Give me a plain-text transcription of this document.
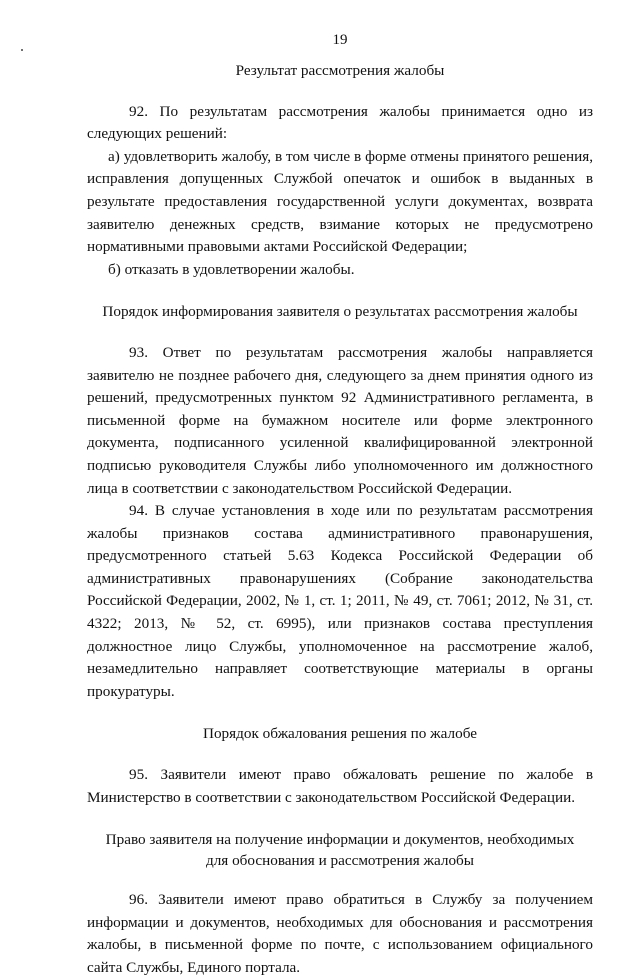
19
Результат рассмотрения жалобы

92. По результатам рассмотрения жалобы принимается одно из следующих решений:

а) удовлетворить жалобу, в том числе в форме отмены принятого решения, исправления допущенных Службой опечаток и ошибок в выданных в результате предоставления государственной услуги документах, возврата заявителю денежных средств, взимание которых не предусмотрено нормативными правовыми актами Российской Федерации;

б) отказать в удовлетворении жалобы.

Порядок информирования заявителя о результатах рассмотрения жалобы

93. Ответ по результатам рассмотрения жалобы направляется заявителю не позднее рабочего дня, следующего за днем принятия одного из решений, предусмотренных пунктом 92 Административного регламента, в письменной форме на бумажном носителе или форме электронного документа, подписанного усиленной квалифицированной электронной подписью руководителя Службы либо уполномоченного им должностного лица в соответствии с законодательством Российской Федерации.

94. В случае установления в ходе или по результатам рассмотрения жалобы признаков состава административного правонарушения, предусмотренного статьей 5.63 Кодекса Российской Федерации об административных правонарушениях (Собрание законодательства Российской Федерации, 2002, № 1, ст. 1; 2011, № 49, ст. 7061; 2012, № 31, ст. 4322; 2013, № 52, ст. 6995), или признаков состава преступления должностное лицо Службы, уполномоченное на рассмотрение жалоб, незамедлительно направляет соответствующие материалы в органы прокуратуры.

Порядок обжалования решения по жалобе

95. Заявители имеют право обжаловать решение по жалобе в Министерство в соответствии с законодательством Российской Федерации.

Право заявителя на получение информации и документов, необходимых
для обоснования и рассмотрения жалобы

96. Заявители имеют право обратиться в Службу за получением информации и документов, необходимых для обоснования и рассмотрения жалобы, в письменной форме по почте, с использованием официального сайта Службы, Единого портала.
